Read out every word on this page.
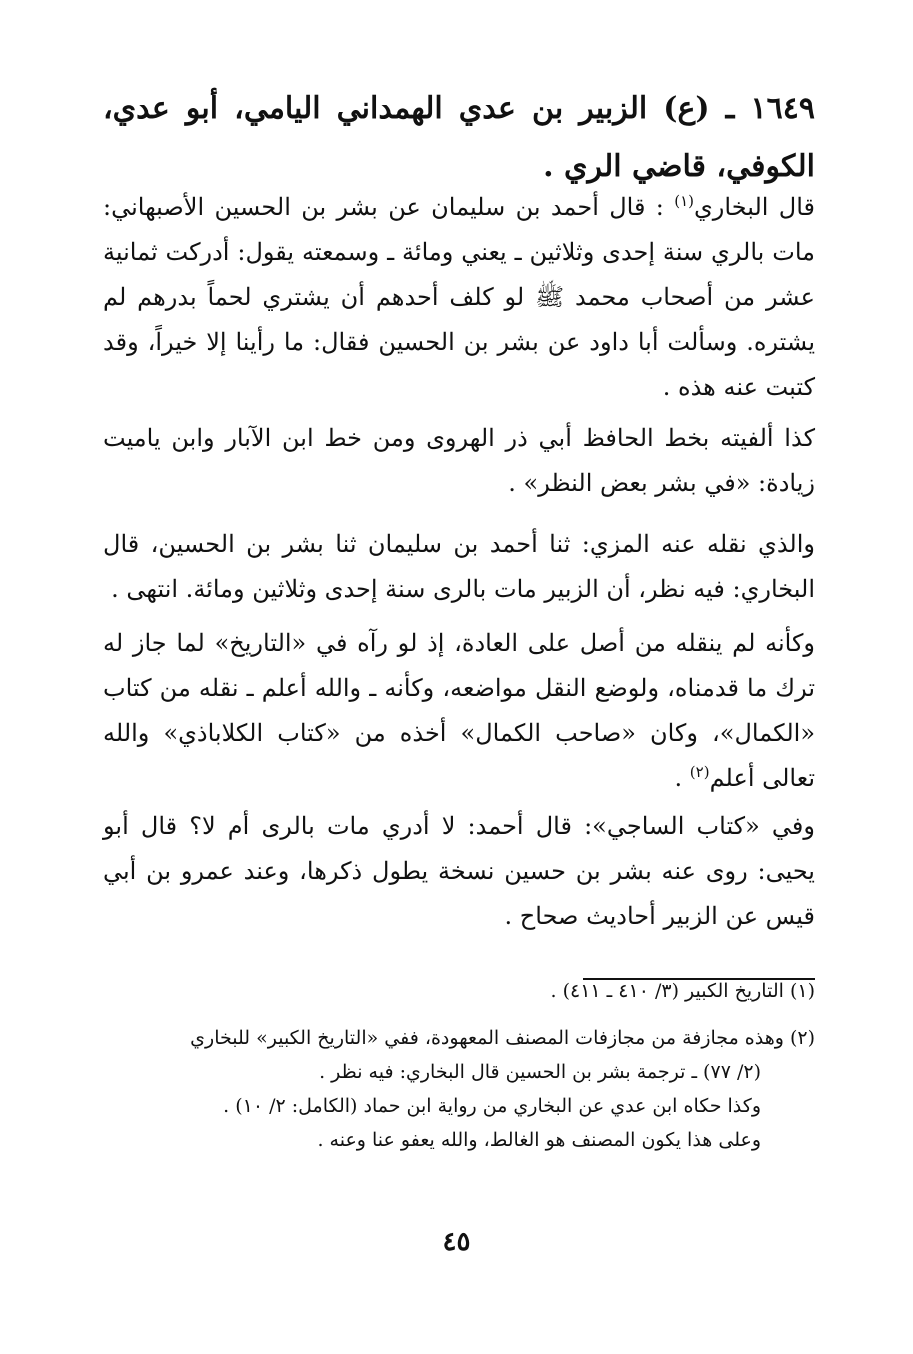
١٦٤٩ ـ (ع) الزبير بن عدي الهمداني اليامي، أبو عدي، الكوفي، قاضي الري .
قال البخاري$^{(١)}$ : قال أحمد بن سليمان عن بشر بن الحسين الأصبهاني: مات بالري سنة إحدى وثلاثين ـ يعني ومائة ـ وسمعته يقول: أدركت ثمانية عشر من أصحاب محمد ﷺ لو كلف أحدهم أن يشتري لحماً بدرهم لم يشتره. وسألت أبا داود عن بشر بن الحسين فقال: ما رأينا إلا خيراً، وقد كتبت عنه هذه .
كذا ألفيته بخط الحافظ أبي ذر الهروى ومن خط ابن الآبار وابن ياميت زيادة: «في بشر بعض النظر» .
والذي نقله عنه المزي: ثنا أحمد بن سليمان ثنا بشر بن الحسين، قال البخاري: فيه نظر، أن الزبير مات بالرى سنة إحدى وثلاثين ومائة. انتهى .
وكأنه لم ينقله من أصل على العادة، إذ لو رآه في «التاريخ» لما جاز له ترك ما قدمناه، ولوضع النقل مواضعه، وكأنه ـ والله أعلم ـ نقله من كتاب «الكمال»، وكان «صاحب الكمال» أخذه من «كتاب الكلاباذي» والله تعالى أعلم$^{(٢)}$ .
وفي «كتاب الساجي»: قال أحمد: لا أدري مات بالرى أم لا؟ قال أبو يحيى: روى عنه بشر بن حسين نسخة يطول ذكرها، وعند عمرو بن أبي قيس عن الزبير أحاديث صحاح .
(١) التاريخ الكبير (٣/ ٤١٠ ـ ٤١١) .
(٢) وهذه مجازفة من مجازفات المصنف المعهودة، ففي «التاريخ الكبير» للبخاري
(٢/ ٧٧) ـ ترجمة بشر بن الحسين قال البخاري: فيه نظر .
وكذا حكاه ابن عدي عن البخاري من رواية ابن حماد (الكامل: ٢/ ١٠) .
وعلى هذا يكون المصنف هو الغالط، والله يعفو عنا وعنه .
٤٥
